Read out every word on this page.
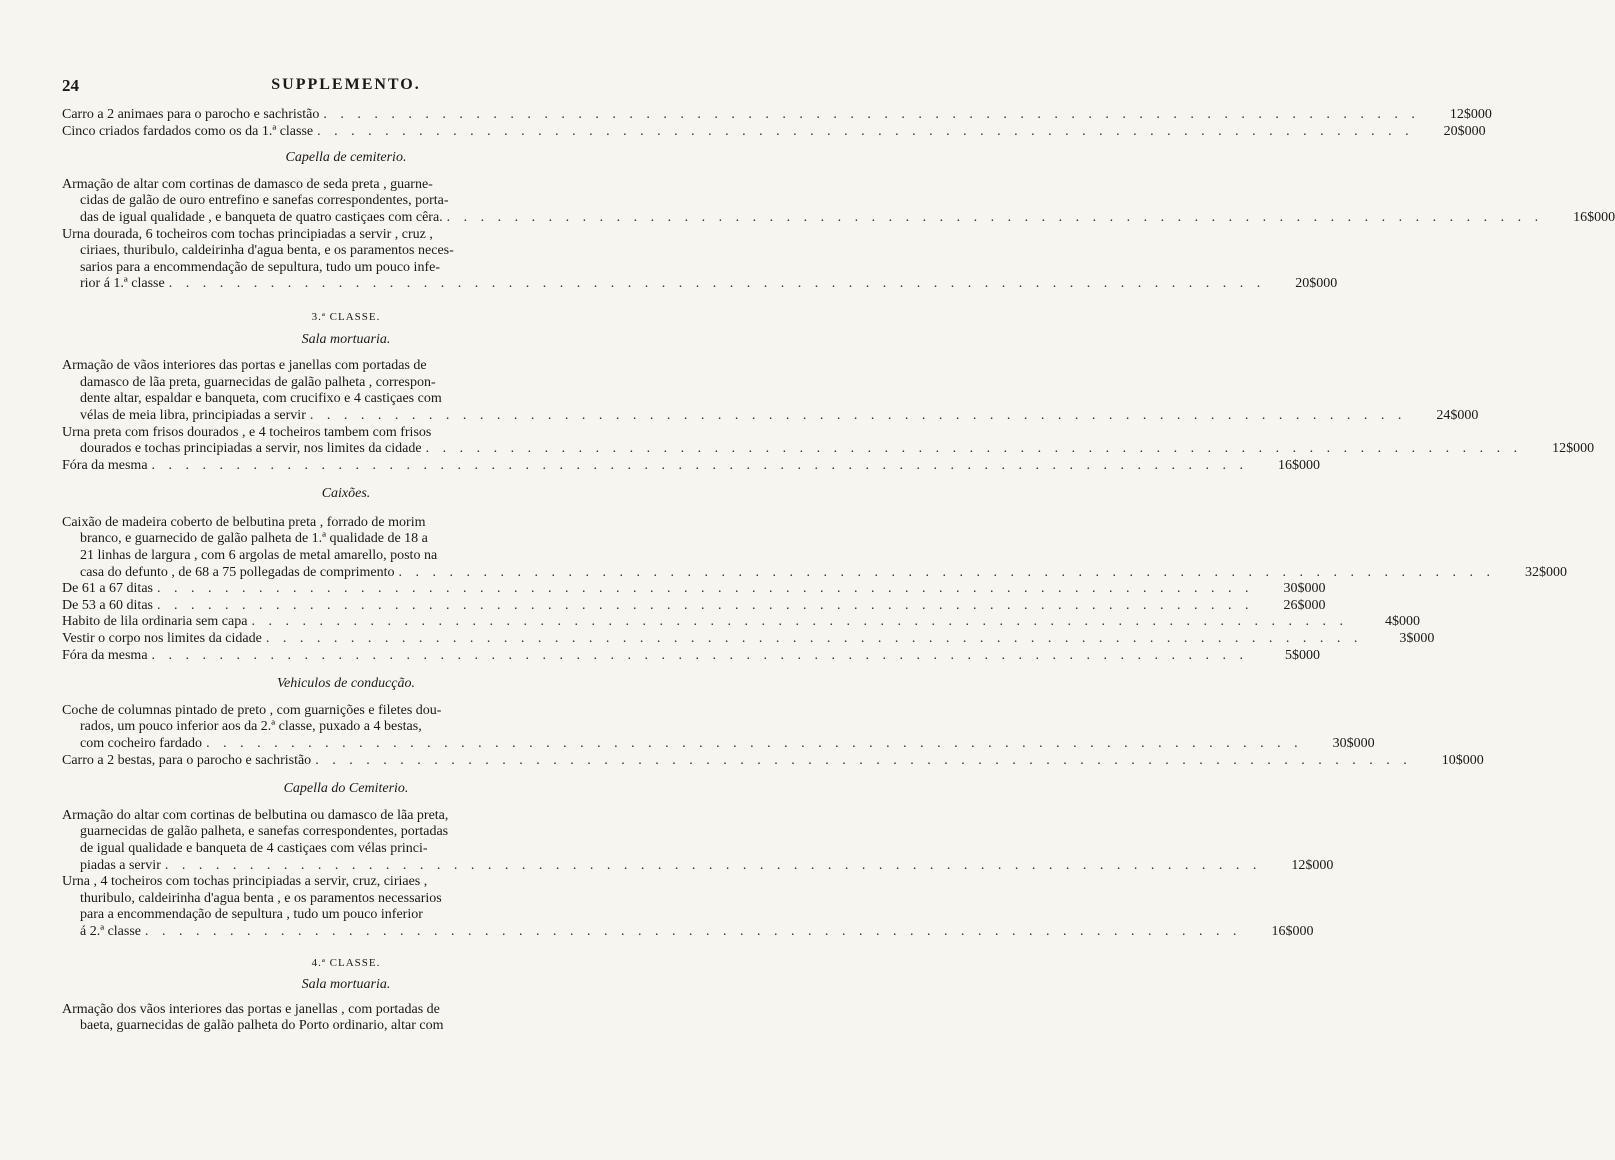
24	SUPPLEMENTO.
Carro a 2 animaes para o parocho e sachristão . . .	12$000
Cinco criados fardados como os da 1.ª classe . . .	20$000
Capella de cemiterio.
Armação de altar com cortinas de damasco de seda preta , guarne-
cidas de galão de ouro entrefino e sanefas correspondentes, porta-
das de igual qualidade , e banqueta de quatro castiçaes com cêra. . . .	16$000
Urna dourada, 6 tocheiros com tochas principiadas a servir , cruz ,
ciriaes, thuribulo, caldeirinha d'agua benta, e os paramentos neces-
sarios para a encommendação de sepultura, tudo um pouco infe-
rior á 1.ª classe . . .	20$000
3.ª CLASSE.
Sala mortuaria.
Armação de vãos interiores das portas e janellas com portadas de
damasco de lãa preta, guarnecidas de galão palheta , correspon-
dente altar, espaldar e banqueta, com crucifixo e 4 castiçaes com
vélas de meia libra, principiadas a servir . . .	24$000
Urna preta com frisos dourados , e 4 tocheiros tambem com frisos
dourados e tochas principiadas a servir, nos limites da cidade . . .	12$000
Fóra da mesma . . .	16$000
Caixões.
Caixão de madeira coberto de belbutina preta , forrado de morim
branco, e guarnecido de galão palheta de 1.ª qualidade de 18 a
21 linhas de largura , com 6 argolas de metal amarello, posto na
casa do defunto , de 68 a 75 pollegadas de comprimento . . .	32$000
De 61 a 67 ditas . . .	30$000
De 53 a 60 ditas . . .	26$000
Habito de lila ordinaria sem capa . . .	4$000
Vestir o corpo nos limites da cidade . . .	3$000
Fóra da mesma . . .	5$000
Vehiculos de conducção.
Coche de columnas pintado de preto , com guarnições e filetes dou-
rados, um pouco inferior aos da 2.ª classe, puxado a 4 bestas,
com cocheiro fardado . . .	30$000
Carro a 2 bestas, para o parocho e sachristão . . .	10$000
Capella do Cemiterio.
Armação do altar com cortinas de belbutina ou damasco de lãa preta,
guarnecidas de galão palheta, e sanefas correspondentes, portadas
de igual qualidade e banqueta de 4 castiçaes com vélas princi-
piadas a servir . . .	12$000
Urna , 4 tocheiros com tochas principiadas a servir, cruz, ciriaes ,
thuribulo, caldeirinha d'agua benta , e os paramentos necessarios
para a encommendação de sepultura , tudo um pouco inferior
á 2.ª classe . . .	16$000
4.ª CLASSE.
Sala mortuaria.
Armação dos vãos interiores das portas e janellas , com portadas de
baeta, guarnecidas de galão palheta do Porto ordinario, altar com
